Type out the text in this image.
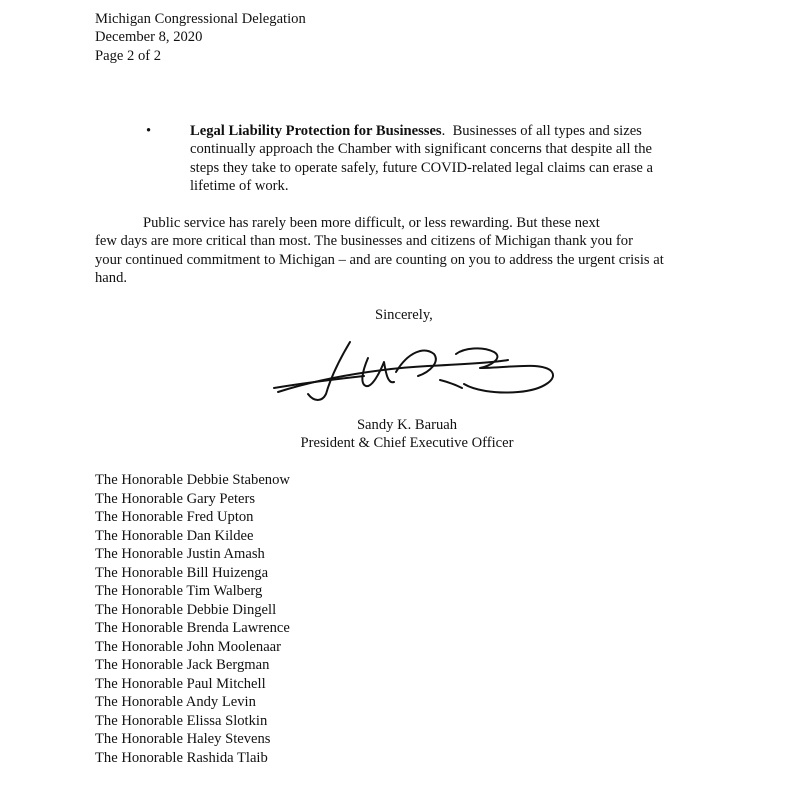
Michigan Congressional Delegation
December 8, 2020
Page 2 of 2
•	Legal Liability Protection for Businesses. Businesses of all types and sizes
continually approach the Chamber with significant concerns that despite all the
steps they take to operate safely, future COVID-related legal claims can erase a
lifetime of work.
Public service has rarely been more difficult, or less rewarding. But these next
few days are more critical than most. The businesses and citizens of Michigan thank you for
your continued commitment to Michigan – and are counting on you to address the urgent crisis at
hand.
Sincerely,
Sandy K. Baruah
President & Chief Executive Officer
The Honorable Debbie Stabenow
The Honorable Gary Peters
The Honorable Fred Upton
The Honorable Dan Kildee
The Honorable Justin Amash
The Honorable Bill Huizenga
The Honorable Tim Walberg
The Honorable Debbie Dingell
The Honorable Brenda Lawrence
The Honorable John Moolenaar
The Honorable Jack Bergman
The Honorable Paul Mitchell
The Honorable Andy Levin
The Honorable Elissa Slotkin
The Honorable Haley Stevens
The Honorable Rashida Tlaib
